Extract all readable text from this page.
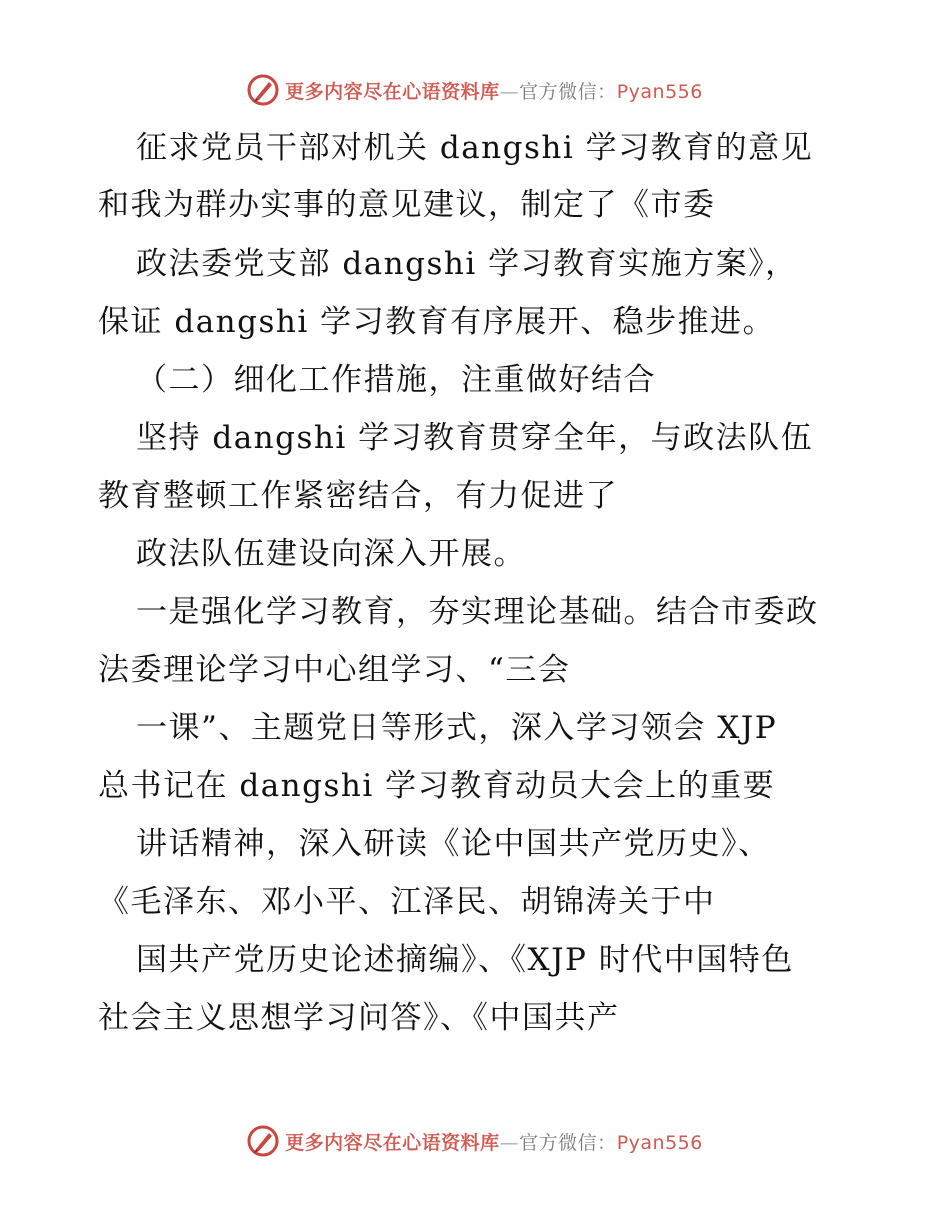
更多内容尽在心语资料库—官方微信：Pyan556
征求党员干部对机关 dangshi 学习教育的意见
和我为群办实事的意见建议，制定了《市委
政法委党支部 dangshi 学习教育实施方案》，
保证 dangshi 学习教育有序展开、稳步推进。
（二）细化工作措施，注重做好结合
坚持 dangshi 学习教育贯穿全年，与政法队伍
教育整顿工作紧密结合，有力促进了
政法队伍建设向深入开展。
一是强化学习教育，夯实理论基础。结合市委政
法委理论学习中心组学习、“三会
一课”、主题党日等形式，深入学习领会 XJP
总书记在 dangshi 学习教育动员大会上的重要
讲话精神，深入研读《论中国共产党历史》、
《毛泽东、邓小平、江泽民、胡锦涛关于中
国共产党历史论述摘编》、《XJP 时代中国特色
社会主义思想学习问答》、《中国共产
更多内容尽在心语资料库—官方微信：Pyan556
